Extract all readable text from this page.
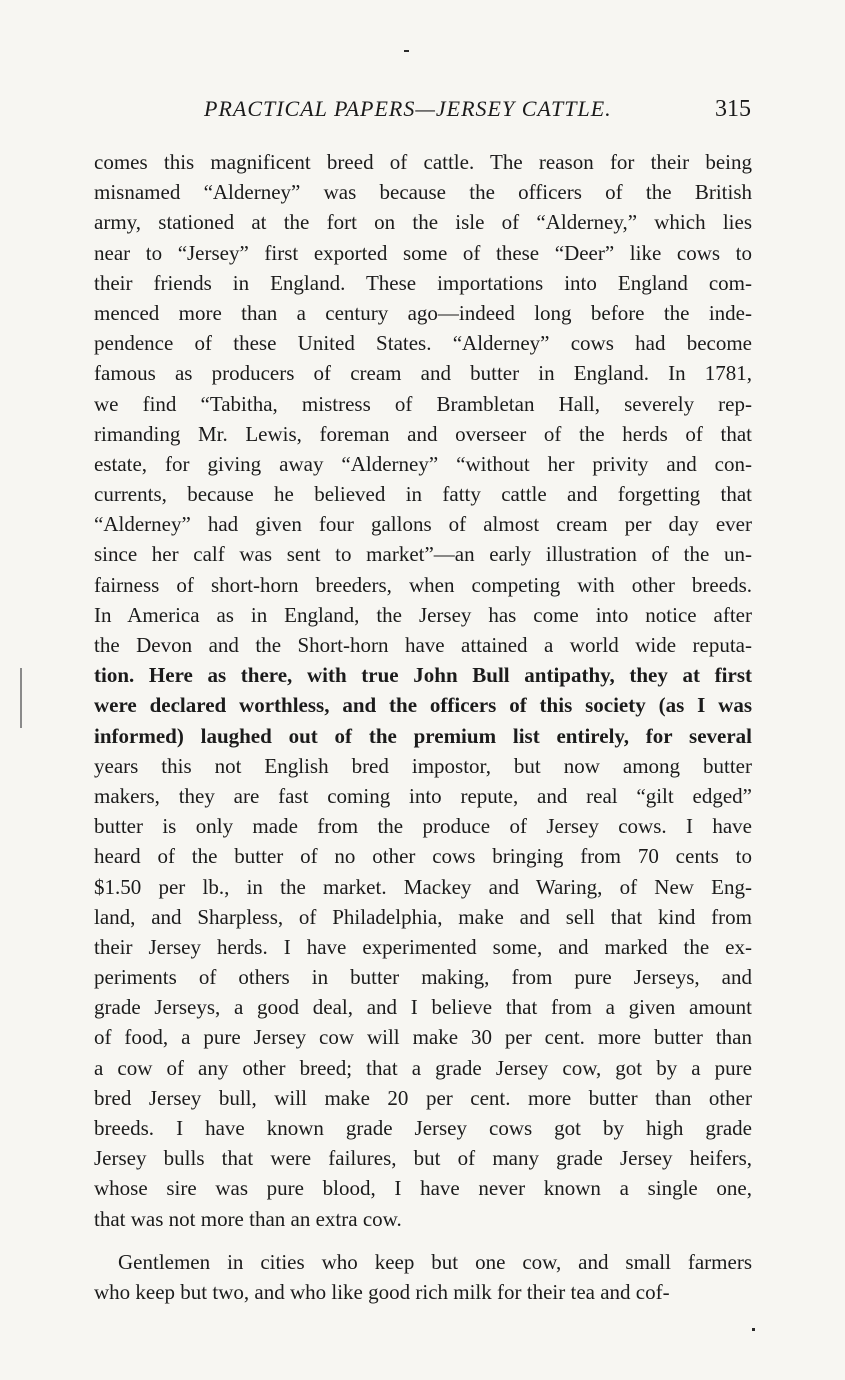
PRACTICAL PAPERS—JERSEY CATTLE.	315
comes this magnificent breed of cattle. The reason for their being
misnamed “Alderney” was because the officers of the British
army, stationed at the fort on the isle of “Alderney,” which lies
near to “Jersey” first exported some of these “Deer” like cows to
their friends in England. These importations into England com-
menced more than a century ago—indeed long before the inde-
pendence of these United States. “Alderney” cows had become
famous as producers of cream and butter in England. In 1781,
we find “Tabitha, mistress of Brambletan Hall, severely rep-
rimanding Mr. Lewis, foreman and overseer of the herds of that
estate, for giving away “Alderney” “without her privity and con-
currents, because he believed in fatty cattle and forgetting that
“Alderney” had given four gallons of almost cream per day ever
since her calf was sent to market”—an early illustration of the un-
fairness of short-horn breeders, when competing with other breeds.
In America as in England, the Jersey has come into notice after
the Devon and the Short-horn have attained a world wide reputa-
tion. Here as there, with true John Bull antipathy, they at first
were declared worthless, and the officers of this society (as I was
informed) laughed out of the premium list entirely, for several
years this not English bred impostor, but now among butter
makers, they are fast coming into repute, and real “gilt edged”
butter is only made from the produce of Jersey cows. I have
heard of the butter of no other cows bringing from 70 cents to
$1.50 per lb., in the market. Mackey and Waring, of New Eng-
land, and Sharpless, of Philadelphia, make and sell that kind from
their Jersey herds. I have experimented some, and marked the ex-
periments of others in butter making, from pure Jerseys, and
grade Jerseys, a good deal, and I believe that from a given amount
of food, a pure Jersey cow will make 30 per cent. more butter than
a cow of any other breed; that a grade Jersey cow, got by a pure
bred Jersey bull, will make 20 per cent. more butter than other
breeds. I have known grade Jersey cows got by high grade
Jersey bulls that were failures, but of many grade Jersey heifers,
whose sire was pure blood, I have never known a single one,
that was not more than an extra cow.
Gentlemen in cities who keep but one cow, and small farmers
who keep but two, and who like good rich milk for their tea and cof-
